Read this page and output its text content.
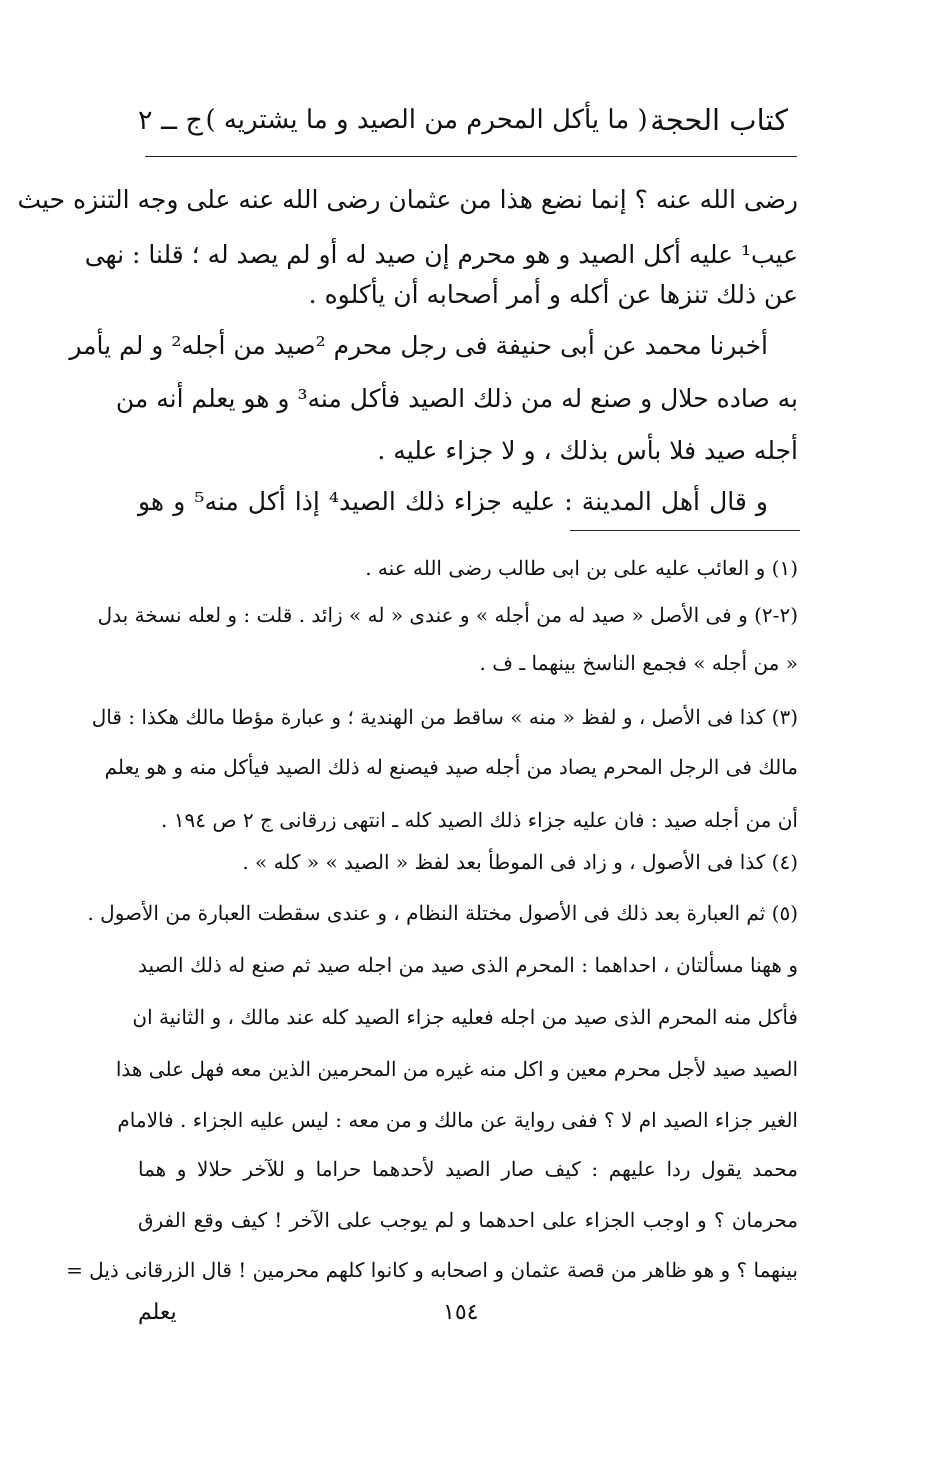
كتاب الحجة
( ما يأكل المحرم من الصيد و ما يشتريه )
ج ــ ٢
رضى الله عنه ؟ إنما نضع هذا من عثمان رضى الله عنه على وجه التنزه حيث
عيب¹ عليه أكل الصيد و هو محرم إن صيد له أو لم يصد له ؛ قلنا : نهى
عن ذلك تنزها عن أكله و أمر أصحابه أن يأكلوه .
أخبرنا محمد عن أبى حنيفة فى رجل محرم ²صيد من أجله² و لم يأمر
به صاده حلال و صنع له من ذلك الصيد فأكل منه³ و هو يعلم أنه من
أجله صيد فلا بأس بذلك ، و لا جزاء عليه .
و قال أهل المدينة : عليه جزاء ذلك الصيد⁴ إذا أكل منه⁵ و هو
(١) و العائب عليه على بن ابى طالب رضى الله عنه .
(٢-٢) و فى الأصل « صيد له من أجله » و عندى « له » زائد . قلت : و لعله نسخة بدل
« من أجله » فجمع الناسخ بينهما ـ ف .
(٣) كذا فى الأصل ، و لفظ « منه » ساقط من الهندية ؛ و عبارة مؤطا مالك هكذا : قال
مالك فى الرجل المحرم يصاد من أجله صيد فيصنع له ذلك الصيد فيأكل منه و هو يعلم
أن من أجله صيد : فان عليه جزاء ذلك الصيد كله ـ انتهى زرقانى ج ٢ ص ١٩٤ .
(٤) كذا فى الأصول ، و زاد فى الموطأ بعد لفظ « الصيد » « كله » .
(٥) ثم العبارة بعد ذلك فى الأصول مختلة النظام ، و عندى سقطت العبارة من الأصول .
و ههنا مسألتان ، احداهما : المحرم الذى صيد من اجله صيد ثم صنع له ذلك الصيد
فأكل منه المحرم الذى صيد من اجله فعليه جزاء الصيد كله عند مالك ، و الثانية ان
الصيد صيد لأجل محرم معين و اكل منه غيره من المحرمين الذين معه فهل على هذا
الغير جزاء الصيد ام لا ؟ ففى رواية عن مالك و من معه : ليس عليه الجزاء . فالامام
محمد يقول ردا عليهم : كيف صار الصيد لأحدهما حراما و للآخر حلالا و هما
محرمان ؟ و اوجب الجزاء على احدهما و لم يوجب على الآخر ! كيف وقع الفرق
بينهما ؟ و هو ظاهر من قصة عثمان و اصحابه و كانوا كلهم محرمين ! قال الزرقانى ذيل =
١٥٤
يعلم
